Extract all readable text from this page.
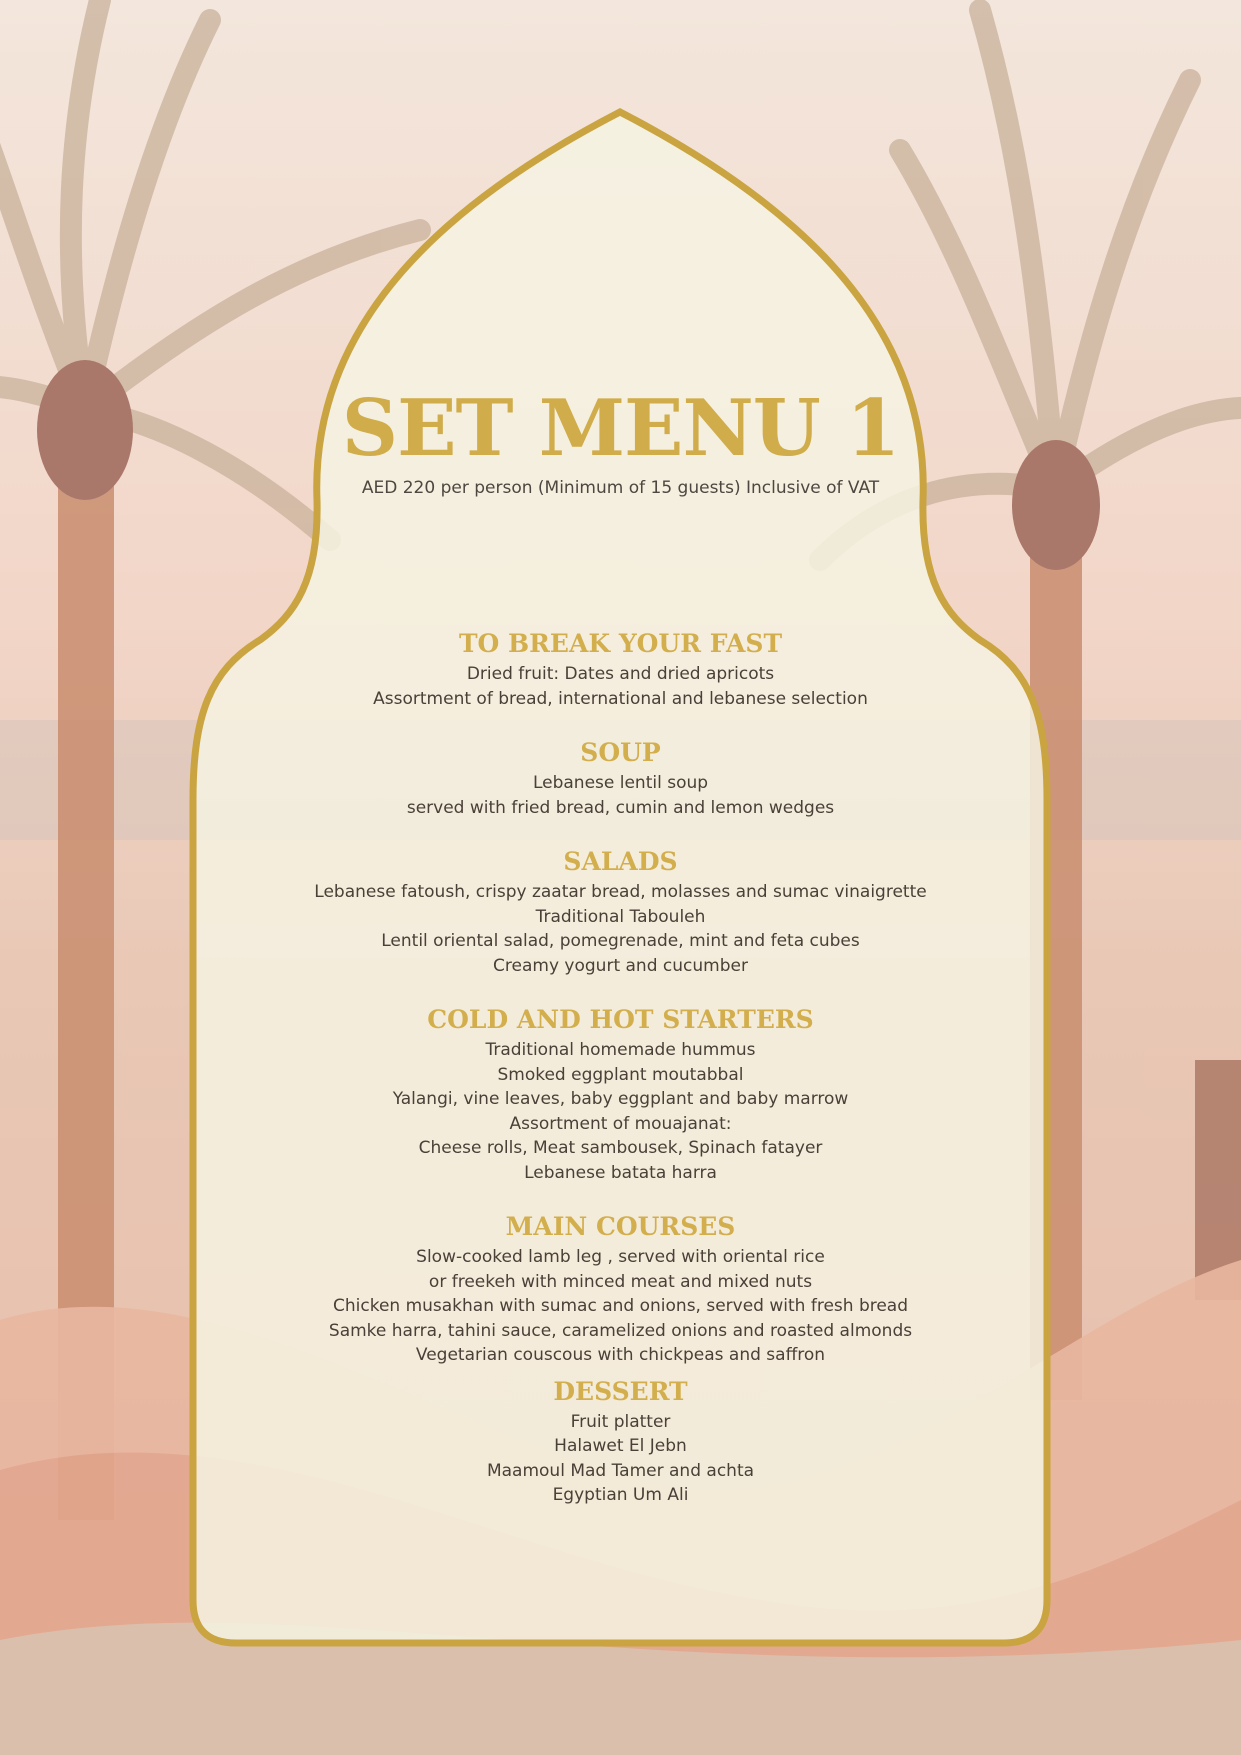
SET MENU 1

AED 220 per person (Minimum of 15 guests) Inclusive of VAT

TO BREAK YOUR FAST

Dried fruit: Dates and dried apricots

Assortment of bread, international and lebanese selection

SOUP

Lebanese lentil soup

served with fried bread, cumin and lemon wedges

SALADS

Lebanese fatoush, crispy zaatar bread, molasses and sumac vinaigrette

Traditional Tabouleh

Lentil oriental salad, pomegrenade, mint and feta cubes

Creamy yogurt and cucumber

COLD AND HOT STARTERS

Traditional homemade hummus

Smoked eggplant moutabbal

Yalangi, vine leaves, baby eggplant and baby marrow

Assortment of mouajanat:

Cheese rolls, Meat sambousek, Spinach fatayer

Lebanese batata harra

MAIN COURSES

Slow-cooked lamb leg , served with oriental rice

or freekeh with minced meat and mixed nuts

Chicken musakhan with sumac and onions, served with fresh bread

Samke harra, tahini sauce, caramelized onions and roasted almonds

Vegetarian couscous with chickpeas and saffron

DESSERT

Fruit platter

Halawet El Jebn

Maamoul Mad Tamer and achta

Egyptian Um Ali
